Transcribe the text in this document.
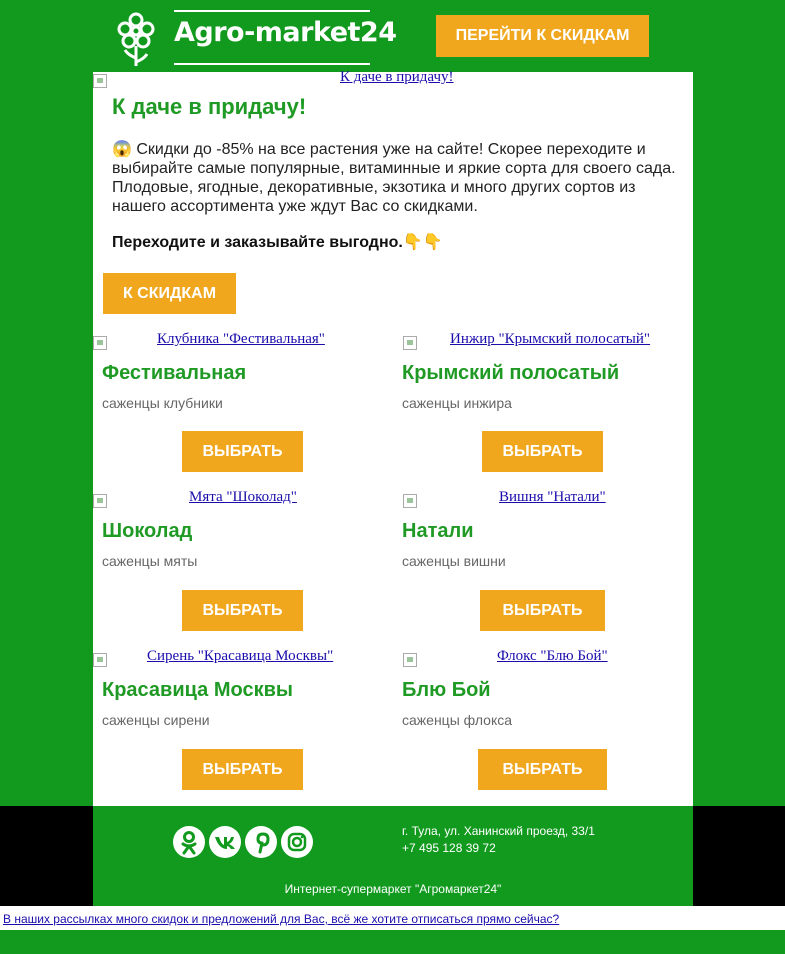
Agro-market24	ПЕРЕЙТИ К СКИДКАМ
К даче в придачу!
К даче в придачу!
😱 Скидки до -85% на все растения уже на сайте! Скорее переходите и выбирайте самые популярные, витаминные и яркие сорта для своего сада. Плодовые, ягодные, декоративные, экзотика и много других сортов из нашего ассортимента уже ждут Вас со скидками.
Переходите и заказывайте выгодно.👇👇
К СКИДКАМ
Клубника "Фестивальная"
Фестивальная
саженцы клубники
ВЫБРАТЬ
Инжир "Крымский полосатый"
Крымский полосатый
саженцы инжира
ВЫБРАТЬ
Мята "Шоколад"
Шоколад
саженцы мяты
ВЫБРАТЬ
Вишня "Натали"
Натали
саженцы вишни
ВЫБРАТЬ
Сирень "Красавица Москвы"
Красавица Москвы
саженцы сирени
ВЫБРАТЬ
Флокс "Блю Бой"
Блю Бой
саженцы флокса
ВЫБРАТЬ
г. Тула, ул. Ханинский проезд, 33/1
+7 495 128 39 72
Интернет-супермаркет "Агромаркет24"
В наших рассылках много скидок и предложений для Вас, всё же хотите отписаться прямо сейчас?
